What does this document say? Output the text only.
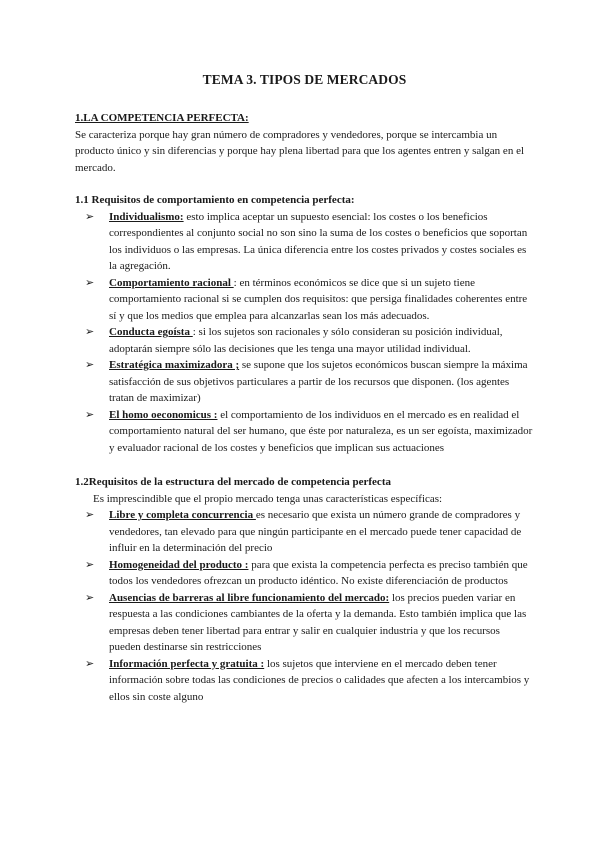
TEMA 3. TIPOS DE MERCADOS

1.LA COMPETENCIA PERFECTA:

Se caracteriza porque hay gran número de compradores y vendedores, porque se intercambia un producto único y sin diferencias y porque hay plena libertad para que los agentes entren y salgan en el mercado.

1.1 Requisitos de comportamiento en competencia perfecta:

➢ Individualismo: esto implica aceptar un supuesto esencial: los costes o los beneficios correspondientes al conjunto social no son sino la suma de los costes o beneficios que soportan los individuos o las empresas. La única diferencia entre los costes privados y costes sociales es la agregación.
➢ Comportamiento racional : en términos económicos se dice que si un sujeto tiene comportamiento racional si se cumplen dos requisitos: que persiga finalidades coherentes entre sí y que los medios que emplea para alcanzarlas sean los más adecuados.
➢ Conducta egoísta : si los sujetos son racionales y sólo consideran su posición individual, adoptarán siempre sólo las decisiones que les tenga una mayor utilidad individual.
➢ Estratégica maximizadora ; se supone que los sujetos económicos buscan siempre la máxima satisfacción de sus objetivos particulares a partir de los recursos que disponen. (los agentes tratan de maximizar)
➢ El homo oeconomicus : el comportamiento de los individuos en el mercado es en realidad el comportamiento natural del ser humano, que éste por naturaleza, es un ser egoísta, maximizador y evaluador racional de los costes y beneficios que implican sus actuaciones

1.2Requisitos de la estructura del mercado de competencia perfecta

Es imprescindible que el propio mercado tenga unas características específicas:

➢ Libre y completa concurrencia es necesario que exista un número grande de compradores y vendedores, tan elevado para que ningún participante en el mercado puede tener capacidad de influir en la determinación del precio
➢ Homogeneidad del producto : para que exista la competencia perfecta es preciso también que todos los vendedores ofrezcan un producto idéntico. No existe diferenciación de productos
➢ Ausencias de barreras al libre funcionamiento del mercado: los precios pueden variar en respuesta a las condiciones cambiantes de la oferta y la demanda. Esto también implica que las empresas deben tener libertad para entrar y salir en cualquier industria y que los recursos pueden destinarse sin restricciones
➢ Información perfecta y gratuita : los sujetos que interviene en el mercado deben tener información sobre todas las condiciones de precios o calidades que afecten a los intercambios y ellos sin coste alguno
